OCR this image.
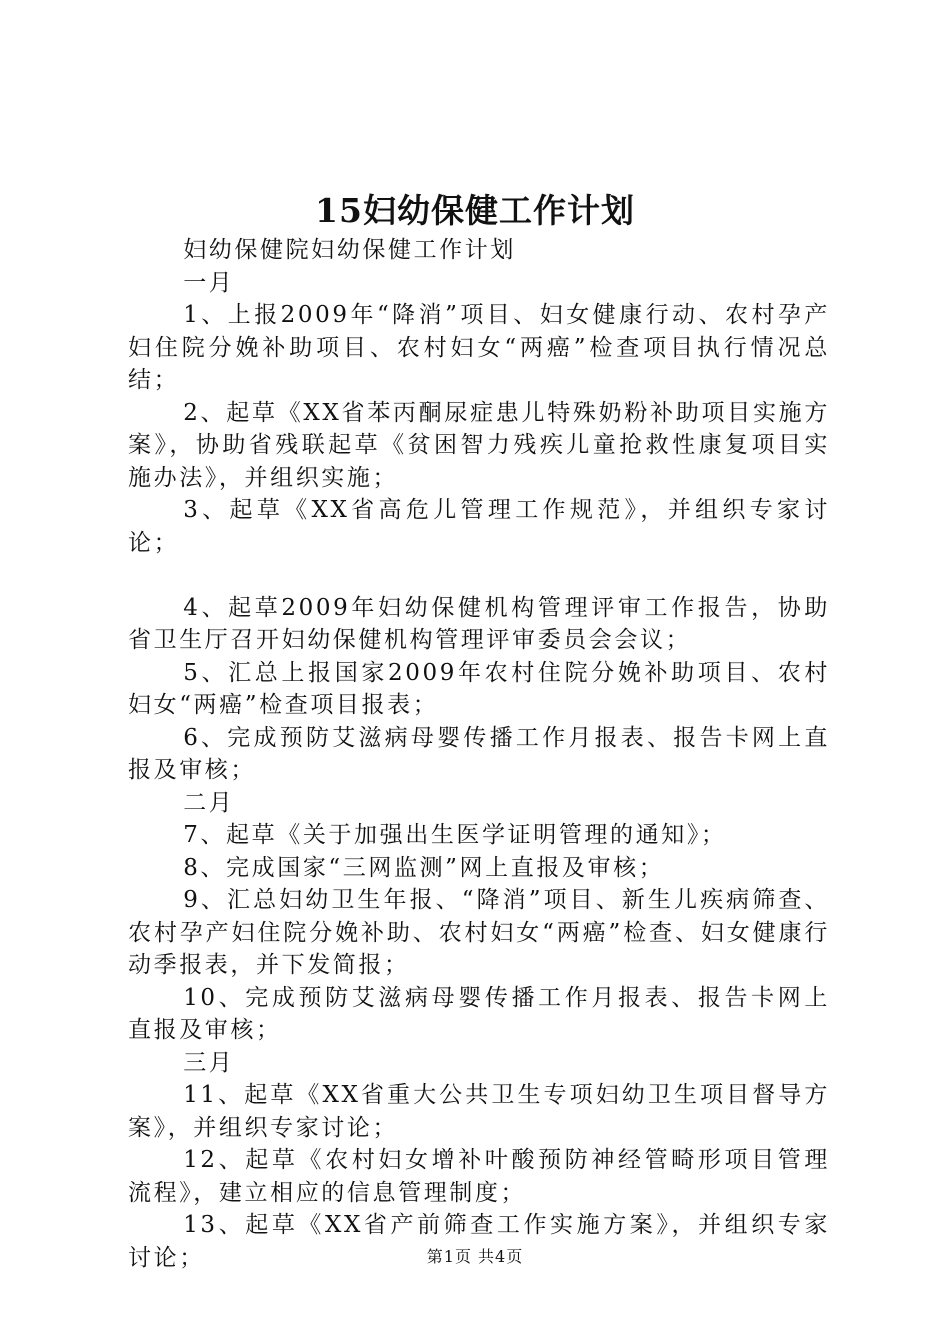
15妇幼保健工作计划

妇幼保健院妇幼保健工作计划

一月

1、上报2009年“降消”项目、妇女健康行动、农村孕产妇住院分娩补助项目、农村妇女“两癌”检查项目执行情况总结；

2、起草《XX省苯丙酮尿症患儿特殊奶粉补助项目实施方案》，协助省残联起草《贫困智力残疾儿童抢救性康复项目实施办法》，并组织实施；

3、起草《XX省高危儿管理工作规范》，并组织专家讨论；

4、起草2009年妇幼保健机构管理评审工作报告，协助省卫生厅召开妇幼保健机构管理评审委员会会议；

5、汇总上报国家2009年农村住院分娩补助项目、农村妇女“两癌”检查项目报表；

6、完成预防艾滋病母婴传播工作月报表、报告卡网上直报及审核；

二月

7、起草《关于加强出生医学证明管理的通知》；

8、完成国家“三网监测”网上直报及审核；

9、汇总妇幼卫生年报、“降消”项目、新生儿疾病筛查、农村孕产妇住院分娩补助、农村妇女“两癌”检查、妇女健康行动季报表，并下发简报；

10、完成预防艾滋病母婴传播工作月报表、报告卡网上直报及审核；

三月

11、起草《XX省重大公共卫生专项妇幼卫生项目督导方案》，并组织专家讨论；

12、起草《农村妇女增补叶酸预防神经管畸形项目管理流程》，建立相应的信息管理制度；

13、起草《XX省产前筛查工作实施方案》，并组织专家讨论；	第1页 共4页
